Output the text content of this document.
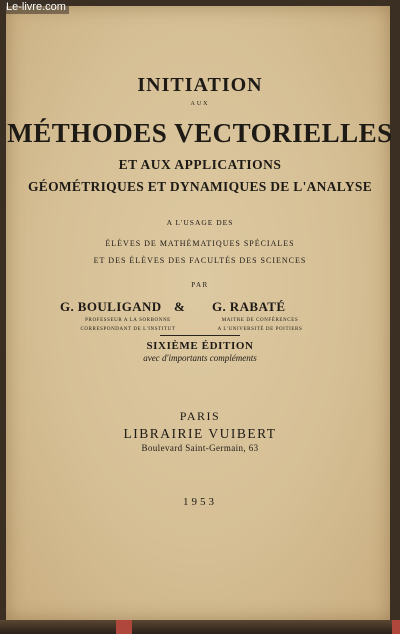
Le-livre.com

INITIATION

AUX

MÉTHODES VECTORIELLES

ET AUX APPLICATIONS

GÉOMÉTRIQUES ET DYNAMIQUES DE L'ANALYSE

A L'USAGE DES

ÉLÈVES DE MATHÉMATIQUES SPÉCIALES

ET DES ÉLÈVES DES FACULTÉS DES SCIENCES

PAR

G. BOULIGAND & G. RABATÉ

PROFESSEUR A LA SORBONNE

CORRESPONDANT DE L'INSTITUT

MAITRE DE CONFÉRENCES

A L'UNIVERSITÉ DE POITIERS

SIXIÈME ÉDITION

avec d'importants compléments

PARIS

LIBRAIRIE VUIBERT

Boulevard Saint-Germain, 63

1953
